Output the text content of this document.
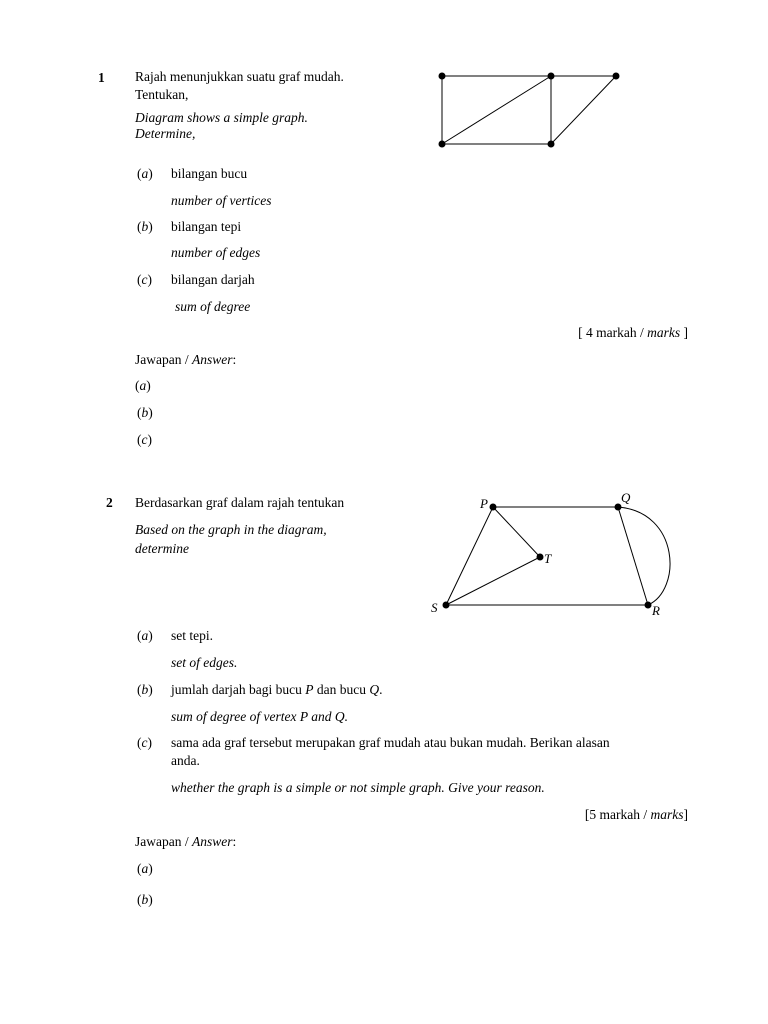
1 Rajah menunjukkan suatu graf mudah.
Tentukan,
Diagram shows a simple graph.
Determine,
(a) bilangan bucu
number of vertices
(b) bilangan tepi
number of edges
(c) bilangan darjah
sum of degree
[ 4 markah / marks ]
Jawapan / Answer:
(a)
(b)
(c)
2 Berdasarkan graf dalam rajah tentukan
Based on the graph in the diagram,
determine
P	Q
T
S	R
(a) set tepi.
set of edges.
(b) jumlah darjah bagi bucu P dan bucu Q.
sum of degree of vertex P and Q.
(c) sama ada graf tersebut merupakan graf mudah atau bukan mudah. Berikan alasan
anda.
whether the graph is a simple or not simple graph. Give your reason.
[5 markah / marks]
Jawapan / Answer:
(a)
(b)
